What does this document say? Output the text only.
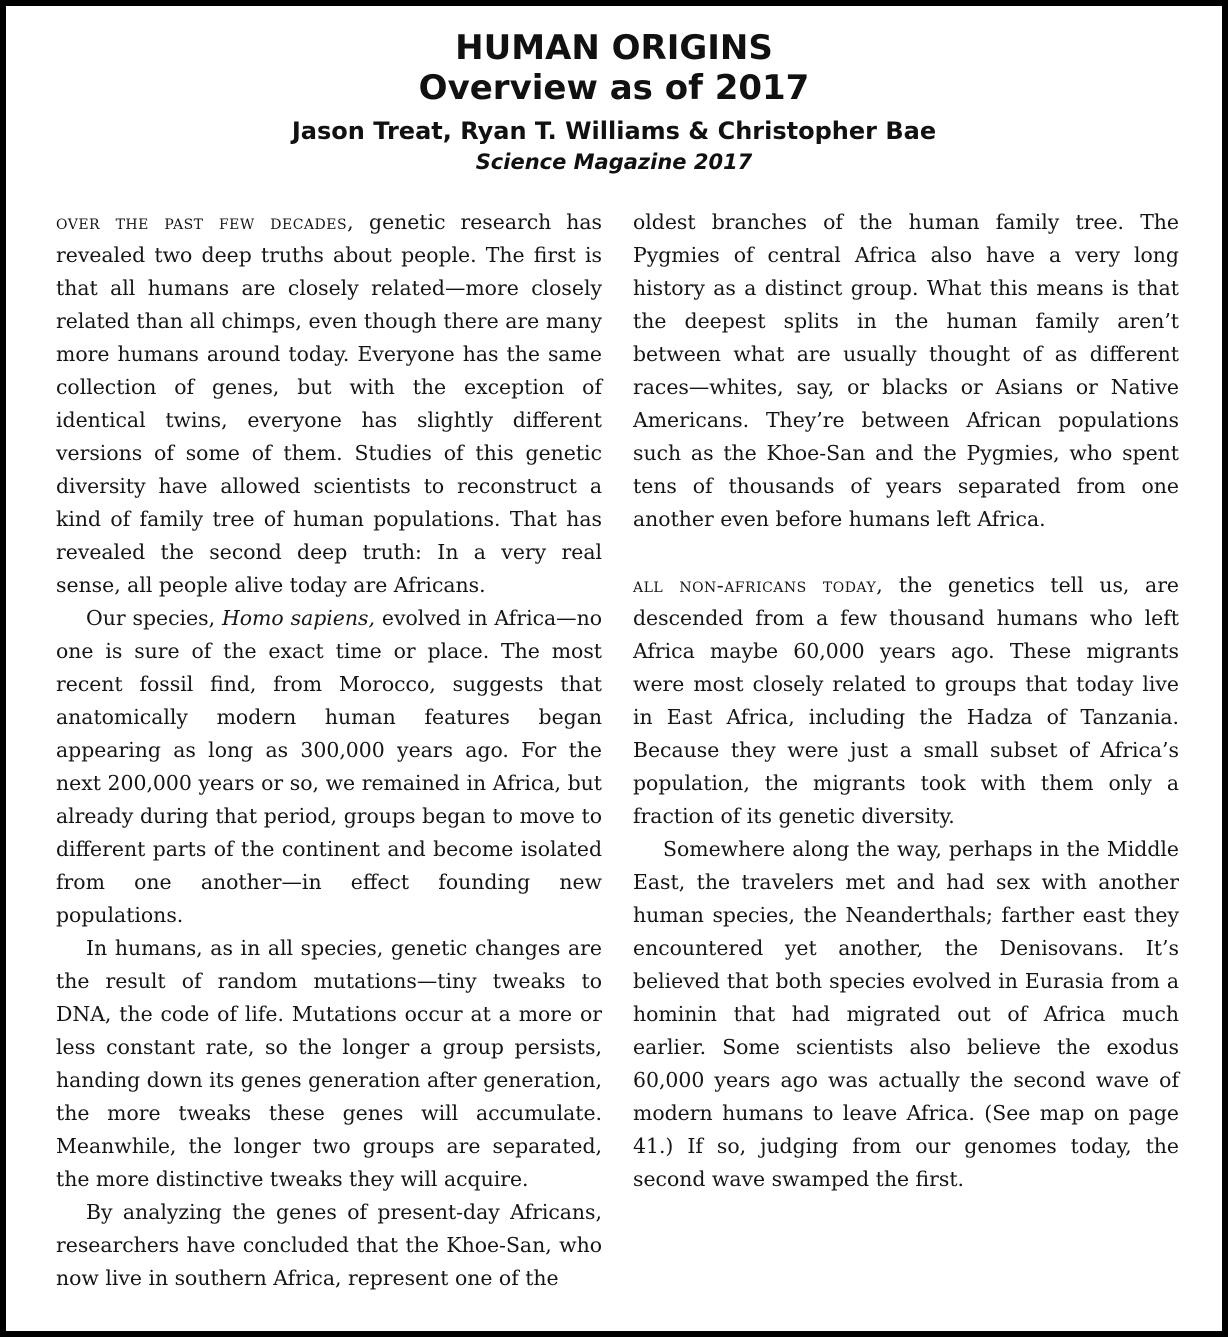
HUMAN ORIGINS
Overview as of 2017
Jason Treat, Ryan T. Williams & Christopher Bae
Science Magazine 2017

over the past few decades, genetic research has revealed two deep truths about people. The first is that all humans are closely related—more closely related than all chimps, even though there are many more humans around today. Everyone has the same collection of genes, but with the exception of identical twins, everyone has slightly different versions of some of them. Studies of this genetic diversity have allowed scientists to reconstruct a kind of family tree of human populations. That has revealed the second deep truth: In a very real sense, all people alive today are Africans.

Our species, Homo sapiens, evolved in Africa—no one is sure of the exact time or place. The most recent fossil find, from Morocco, suggests that anatomically modern human features began appearing as long as 300,000 years ago. For the next 200,000 years or so, we remained in Africa, but already during that period, groups began to move to different parts of the continent and become isolated from one another—in effect founding new populations.

In humans, as in all species, genetic changes are the result of random mutations—tiny tweaks to DNA, the code of life. Mutations occur at a more or less constant rate, so the longer a group persists, handing down its genes generation after generation, the more tweaks these genes will accumulate. Meanwhile, the longer two groups are separated, the more distinctive tweaks they will acquire.

By analyzing the genes of present-day Africans, researchers have concluded that the Khoe-San, who now live in southern Africa, represent one of the

oldest branches of the human family tree. The Pygmies of central Africa also have a very long history as a distinct group. What this means is that the deepest splits in the human family aren’t between what are usually thought of as different races—whites, say, or blacks or Asians or Native Americans. They’re between African populations such as the Khoe-San and the Pygmies, who spent tens of thousands of years separated from one another even before humans left Africa.

all non-africans today, the genetics tell us, are descended from a few thousand humans who left Africa maybe 60,000 years ago. These migrants were most closely related to groups that today live in East Africa, including the Hadza of Tanzania. Because they were just a small subset of Africa’s population, the migrants took with them only a fraction of its genetic diversity.

Somewhere along the way, perhaps in the Middle East, the travelers met and had sex with another human species, the Neanderthals; farther east they encountered yet another, the Denisovans. It’s believed that both species evolved in Eurasia from a hominin that had migrated out of Africa much earlier. Some scientists also believe the exodus 60,000 years ago was actually the second wave of modern humans to leave Africa. (See map on page 41.) If so, judging from our genomes today, the second wave swamped the first.
